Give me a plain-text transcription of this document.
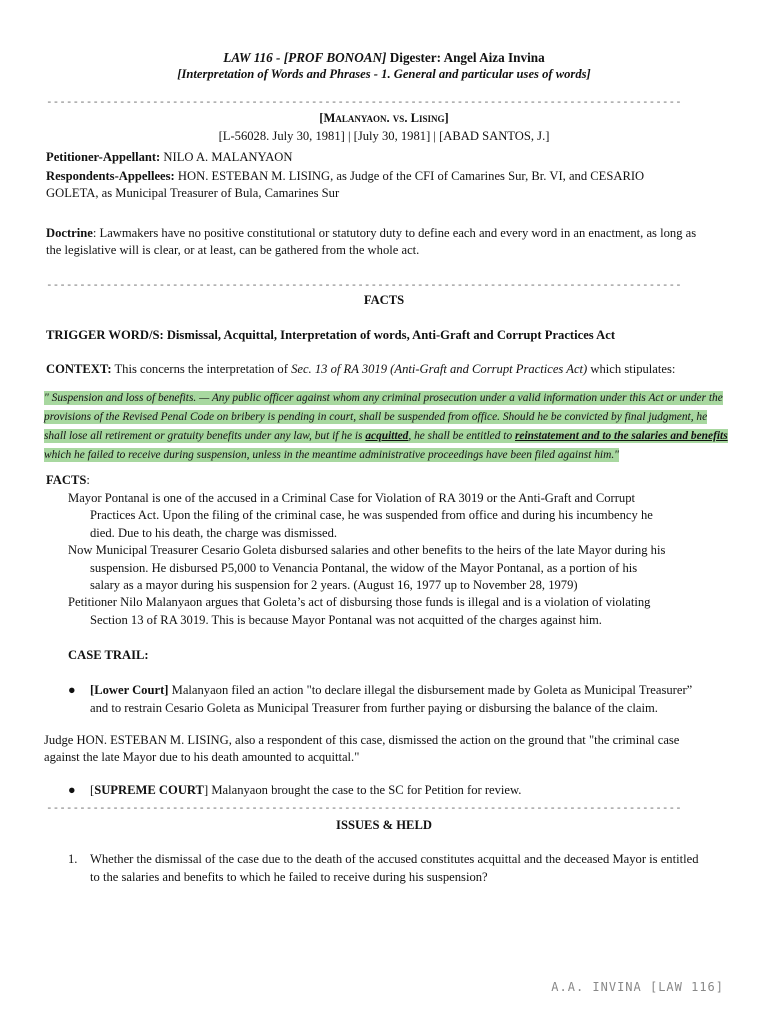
LAW 116 - [PROF BONOAN] Digester: Angel Aiza Invina
[Interpretation of Words and Phrases - 1. General and particular uses of words]
------------------------------------------------------------------------------------------------
[Malanyaon. vs. Lising]
[L-56028. July 30, 1981] | [July 30, 1981] | [ABAD SANTOS, J.]
Petitioner-Appellant: NILO A. MALANYAON
Respondents-Appellees: HON. ESTEBAN M. LISING, as Judge of the CFI of Camarines Sur, Br. VI, and CESARIO
GOLETA, as Municipal Treasurer of Bula, Camarines Sur
Doctrine: Lawmakers have no positive constitutional or statutory duty to define each and every word in an enactment, as long as
the legislative will is clear, or at least, can be gathered from the whole act.
------------------------------------------------------------------------------------------------
FACTS
TRIGGER WORD/S: Dismissal, Acquittal, Interpretation of words, Anti-Graft and Corrupt Practices Act
CONTEXT: This concerns the interpretation of Sec. 13 of RA 3019 (Anti-Graft and Corrupt Practices Act) which stipulates:
" Suspension and loss of benefits. — Any public officer against whom any criminal prosecution under a valid information under this Act or under the provisions of the Revised Penal Code on bribery is pending in court, shall be suspended from office. Should he be convicted by final judgment, he shall lose all retirement or gratuity benefits under any law, but if he is acquitted, he shall be entitled to reinstatement and to the salaries and benefits which he failed to receive during suspension, unless in the meantime administrative proceedings have been filed against him."
FACTS:
Mayor Pontanal is one of the accused in a Criminal Case for Violation of RA 3019 or the Anti-Graft and Corrupt
Practices Act. Upon the filing of the criminal case, he was suspended from office and during his incumbency he
died. Due to his death, the charge was dismissed.
Now Municipal Treasurer Cesario Goleta disbursed salaries and other benefits to the heirs of the late Mayor during his
suspension. He disbursed P5,000 to Venancia Pontanal, the widow of the Mayor Pontanal, as a portion of his
salary as a mayor during his suspension for 2 years. (August 16, 1977 up to November 28, 1979)
Petitioner Nilo Malanyaon argues that Goleta’s act of disbursing those funds is illegal and is a violation of violating
Section 13 of RA 3019. This is because Mayor Pontanal was not acquitted of the charges against him.
CASE TRAIL:
● [Lower Court] Malanyaon filed an action "to declare illegal the disbursement made by Goleta as Municipal Treasurer”
and to restrain Cesario Goleta as Municipal Treasurer from further paying or disbursing the balance of the claim.
Judge HON. ESTEBAN M. LISING, also a respondent of this case, dismissed the action on the ground that "the criminal case
against the late Mayor due to his death amounted to acquittal."
● [SUPREME COURT] Malanyaon brought the case to the SC for Petition for review.
------------------------------------------------------------------------------------------------
ISSUES & HELD
1. Whether the dismissal of the case due to the death of the accused constitutes acquittal and the deceased Mayor is entitled
to the salaries and benefits to which he failed to receive during his suspension?
A.A. INVINA [LAW 116]
